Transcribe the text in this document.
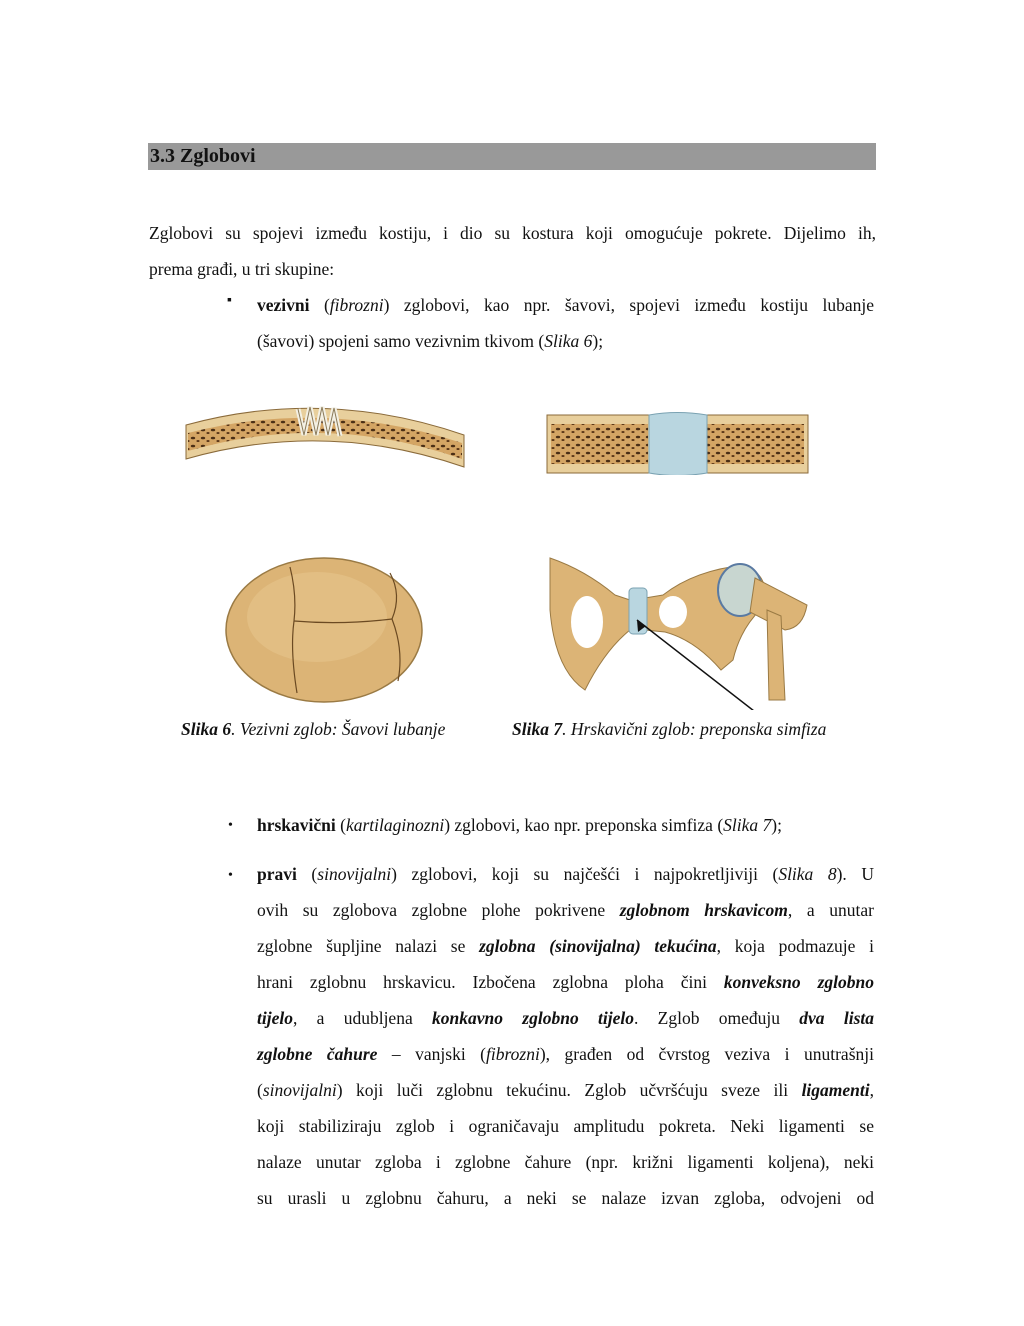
3.3 Zglobovi
Zglobovi su spojevi između kostiju, i dio su kostura koji omogućuje pokrete. Dijelimo ih,
prema građi, u tri skupine:
▪ vezivni (fibrozni) zglobovi, kao npr. šavovi, spojevi između kostiju lubanje
(šavovi) spojeni samo vezivnim tkivom (Slika 6);
Slika 6. Vezivni zglob: Šavovi lubanje	Slika 7. Hrskavični zglob: preponska simfiza
• hrskavični (kartilaginozni) zglobovi, kao npr. preponska simfiza (Slika 7);
• pravi (sinovijalni) zglobovi, koji su najčešći i najpokretljiviji (Slika 8). U
ovih su zglobova zglobne plohe pokrivene zglobnom hrskavicom, a unutar
zglobne šupljine nalazi se zglobna (sinovijalna) tekućina, koja podmazuje i
hrani zglobnu hrskavicu. Izbočena zglobna ploha čini konveksno zglobno
tijelo, a udubljena konkavno zglobno tijelo. Zglob omeđuju dva lista
zglobne čahure – vanjski (fibrozni), građen od čvrstog veziva i unutrašnji
(sinovijalni) koji luči zglobnu tekućinu. Zglob učvršćuju sveze ili ligamenti,
koji stabiliziraju zglob i ograničavaju amplitudu pokreta. Neki ligamenti se
nalaze unutar zgloba i zglobne čahure (npr. križni ligamenti koljena), neki
su urasli u zglobnu čahuru, a neki se nalaze izvan zgloba, odvojeni od
